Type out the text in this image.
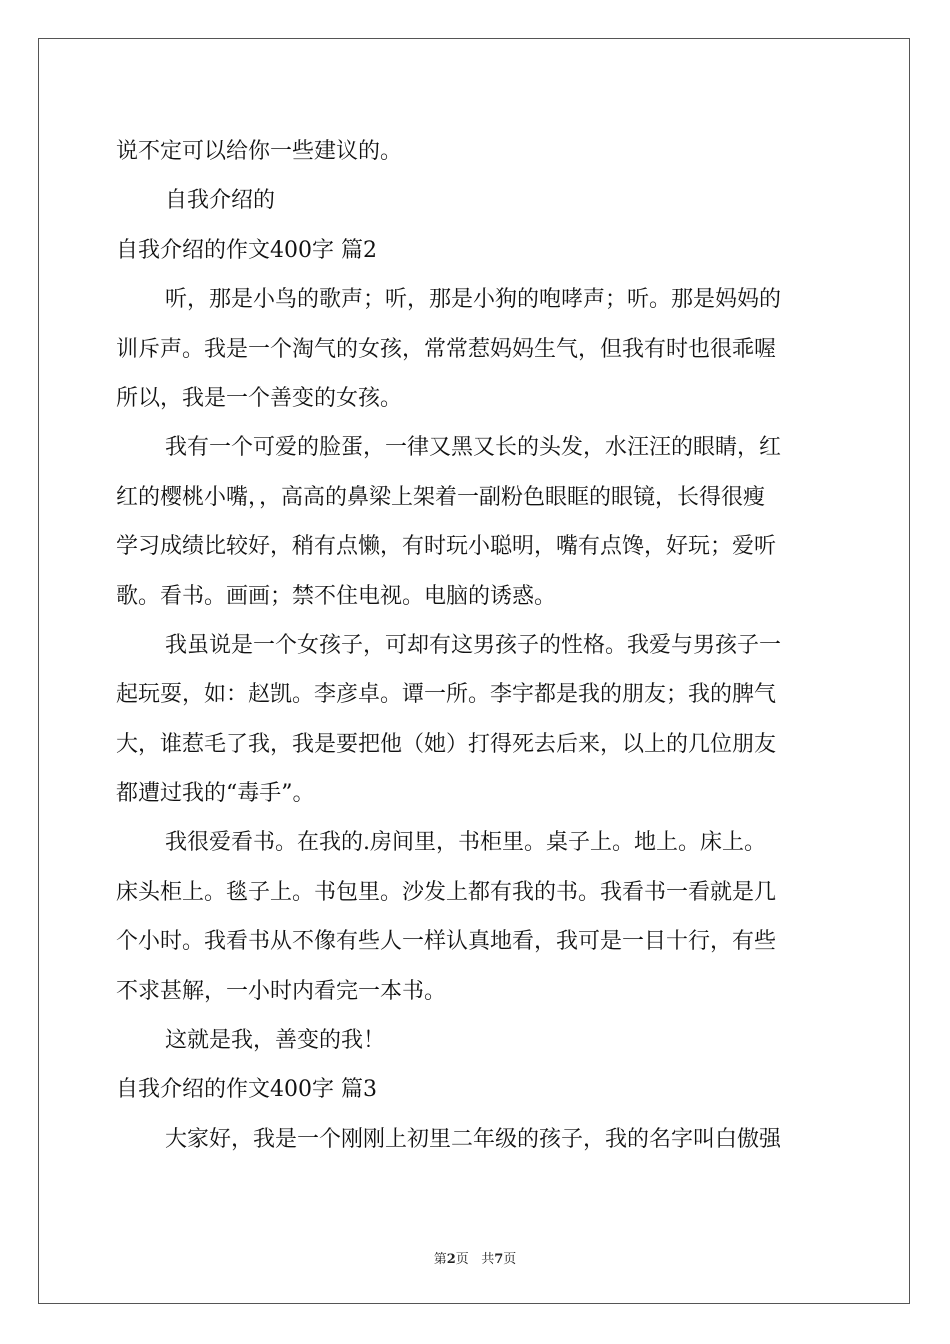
说不定可以给你一些建议的。
自我介绍的
自我介绍的作文400字 篇2
听，那是小鸟的歌声；听，那是小狗的咆哮声；听。那是妈妈的
训斥声。我是一个淘气的女孩，常常惹妈妈生气，但我有时也很乖喔
所以，我是一个善变的女孩。
我有一个可爱的脸蛋，一律又黑又长的头发，水汪汪的眼睛，红
红的樱桃小嘴，，高高的鼻梁上架着一副粉色眼眶的眼镜，长得很瘦
学习成绩比较好，稍有点懒，有时玩小聪明，嘴有点馋，好玩；爱听
歌。看书。画画；禁不住电视。电脑的诱惑。
我虽说是一个女孩子，可却有这男孩子的性格。我爱与男孩子一
起玩耍，如：赵凯。李彦卓。谭一所。李宇都是我的朋友；我的脾气
大，谁惹毛了我，我是要把他（她）打得死去后来，以上的几位朋友
都遭过我的“毒手”。
我很爱看书。在我的.房间里，书柜里。桌子上。地上。床上。
床头柜上。毯子上。书包里。沙发上都有我的书。我看书一看就是几
个小时。我看书从不像有些人一样认真地看，我可是一目十行，有些
不求甚解，一小时内看完一本书。
这就是我，善变的我！
自我介绍的作文400字 篇3
大家好，我是一个刚刚上初里二年级的孩子，我的名字叫白傲强
第2页 共7页
